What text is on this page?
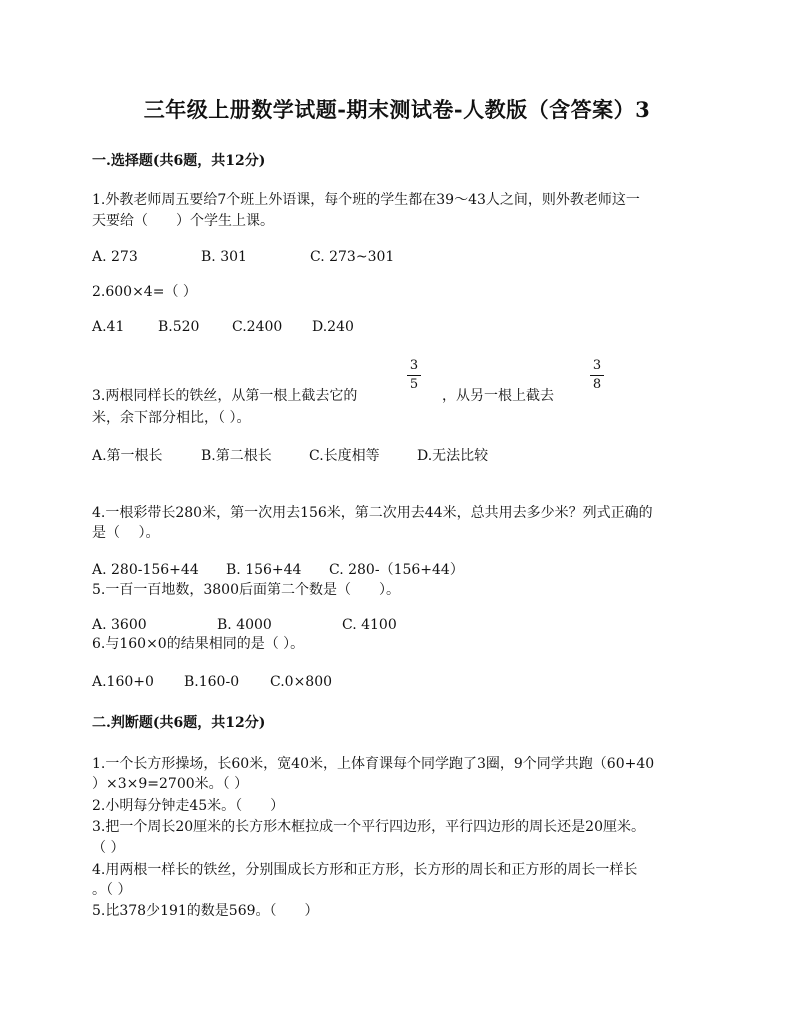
三年级上册数学试题-期末测试卷-人教版（含答案）3
一.选择题(共6题，共12分)
1.外教老师周五要给7个班上外语课，每个班的学生都在39～43人之间，则外教老师这一
天要给（　　）个学生上课。
A. 273	B. 301	C. 273~301
2.600×4=（ ）
A.41 B.520 C.2400 D.240
3
5
3
8
3.两根同样长的铁丝，从第一根上截去它的	，从另一根上截去
米，余下部分相比，（ ）。
A.第一根长	B.第二根长	C.长度相等	D.无法比较
4.一根彩带长280米，第一次用去156米，第二次用去44米，总共用去多少米？列式正确的
是（　 ）。
A. 280-156+44 B. 156+44 C. 280-（156+44）
5.一百一百地数，3800后面第二个数是（　　）。
A. 3600	B. 4000	C. 4100
6.与160×0的结果相同的是（ ）。
A.160+0 B.160-0 C.0×800
二.判断题(共6题，共12分)
1.一个长方形操场，长60米，宽40米，上体育课每个同学跑了3圈，9个同学共跑（60+40
）×3×9=2700米。（ ）
2.小明每分钟走45米。（　　）
3.把一个周长20厘米的长方形木框拉成一个平行四边形，平行四边形的周长还是20厘米。
（ ）
4.用两根一样长的铁丝，分别围成长方形和正方形，长方形的周长和正方形的周长一样长
。（ ）
5.比378少191的数是569。（　　）
